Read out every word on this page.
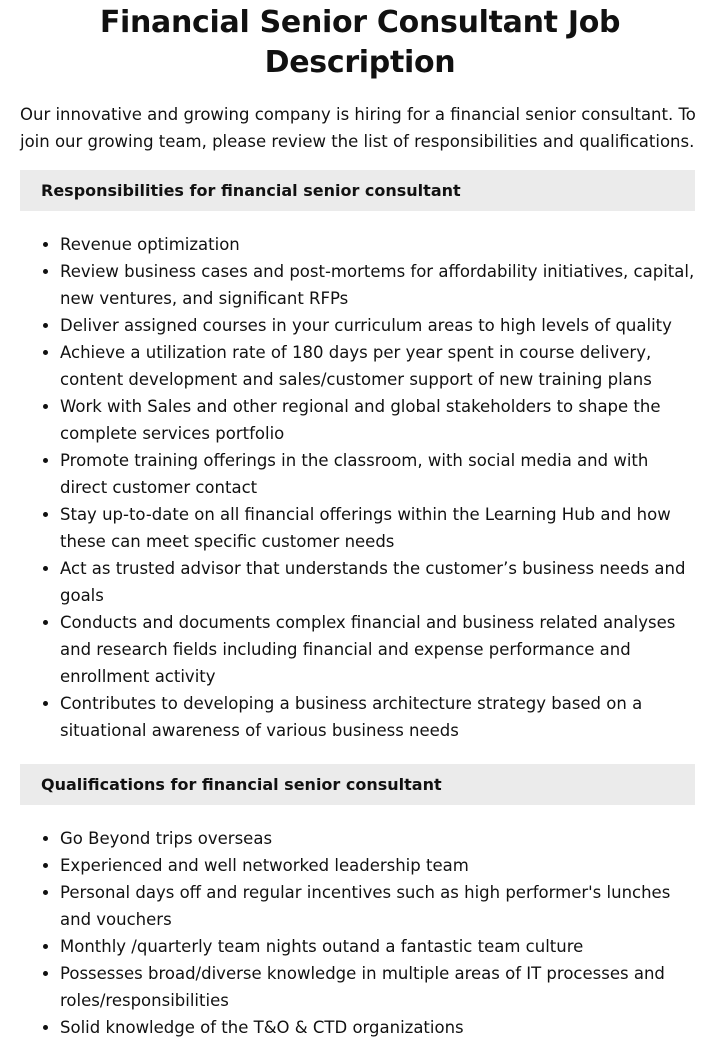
Financial Senior Consultant Job Description

Our innovative and growing company is hiring for a financial senior consultant. To join our growing team, please review the list of responsibilities and qualifications.

Responsibilities for financial senior consultant
• Revenue optimization
• Review business cases and post-mortems for affordability initiatives, capital, new ventures, and significant RFPs
• Deliver assigned courses in your curriculum areas to high levels of quality
• Achieve a utilization rate of 180 days per year spent in course delivery, content development and sales/customer support of new training plans
• Work with Sales and other regional and global stakeholders to shape the complete services portfolio
• Promote training offerings in the classroom, with social media and with direct customer contact
• Stay up-to-date on all financial offerings within the Learning Hub and how these can meet specific customer needs
• Act as trusted advisor that understands the customer’s business needs and goals
• Conducts and documents complex financial and business related analyses and research fields including financial and expense performance and enrollment activity
• Contributes to developing a business architecture strategy based on a situational awareness of various business needs
Qualifications for financial senior consultant
• Go Beyond trips overseas
• Experienced and well networked leadership team
• Personal days off and regular incentives such as high performer's lunches and vouchers
• Monthly /quarterly team nights outand a fantastic team culture
• Possesses broad/diverse knowledge in multiple areas of IT processes and roles/responsibilities
• Solid knowledge of the T&O & CTD organizations
